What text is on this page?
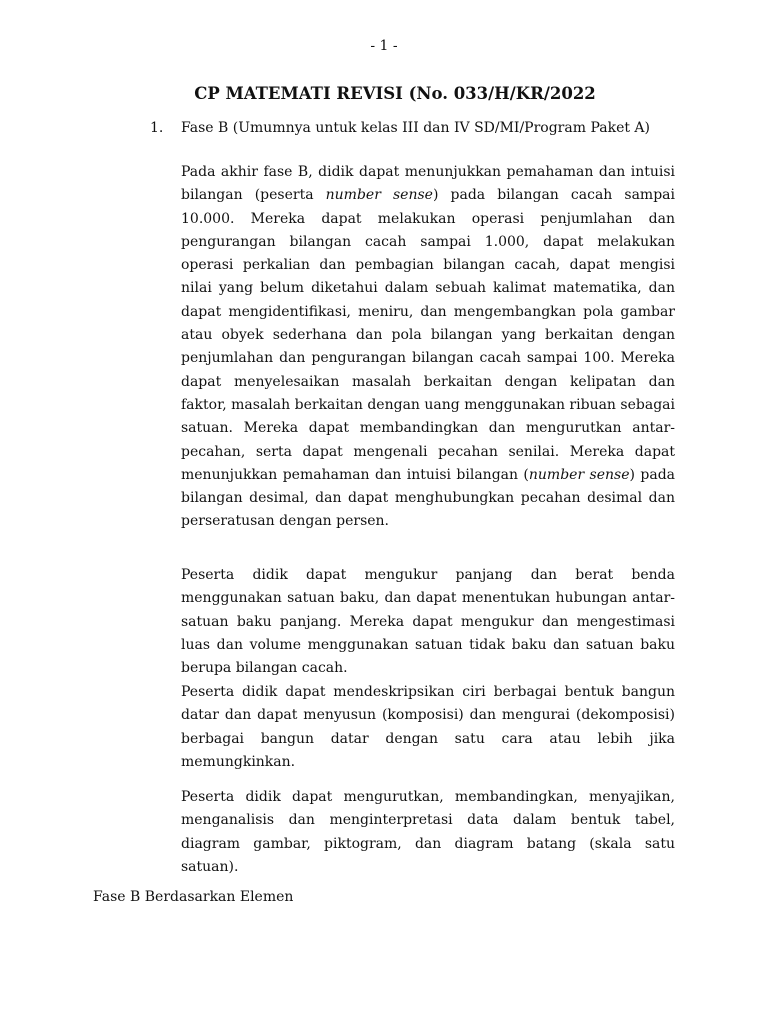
- 1 -
CP MATEMATI REVISI (No. 033/H/KR/2022
1. Fase B (Umumnya untuk kelas III dan IV SD/MI/Program Paket A)

Pada akhir fase B, didik dapat menunjukkan pemahaman dan intuisi bilangan (peserta number sense) pada bilangan cacah sampai 10.000. Mereka dapat melakukan operasi penjumlahan dan pengurangan bilangan cacah sampai 1.000, dapat melakukan operasi perkalian dan pembagian bilangan cacah, dapat mengisi nilai yang belum diketahui dalam sebuah kalimat matematika, dan dapat mengidentifikasi, meniru, dan mengembangkan pola gambar atau obyek sederhana dan pola bilangan yang berkaitan dengan penjumlahan dan pengurangan bilangan cacah sampai 100. Mereka dapat menyelesaikan masalah berkaitan dengan kelipatan dan faktor, masalah berkaitan dengan uang menggunakan ribuan sebagai satuan. Mereka dapat membandingkan dan mengurutkan antar-pecahan, serta dapat mengenali pecahan senilai. Mereka dapat menunjukkan pemahaman dan intuisi bilangan (number sense) pada bilangan desimal, dan dapat menghubungkan pecahan desimal dan perseratusan dengan persen.

Peserta didik dapat mengukur panjang dan berat benda menggunakan satuan baku, dan dapat menentukan hubungan antar-satuan baku panjang. Mereka dapat mengukur dan mengestimasi luas dan volume menggunakan satuan tidak baku dan satuan baku berupa bilangan cacah.

Peserta didik dapat mendeskripsikan ciri berbagai bentuk bangun datar dan dapat menyusun (komposisi) dan mengurai (dekomposisi) berbagai bangun datar dengan satu cara atau lebih jika memungkinkan.

Peserta didik dapat mengurutkan, membandingkan, menyajikan, menganalisis dan menginterpretasi data dalam bentuk tabel, diagram gambar, piktogram, dan diagram batang (skala satu satuan).

Fase B Berdasarkan Elemen
